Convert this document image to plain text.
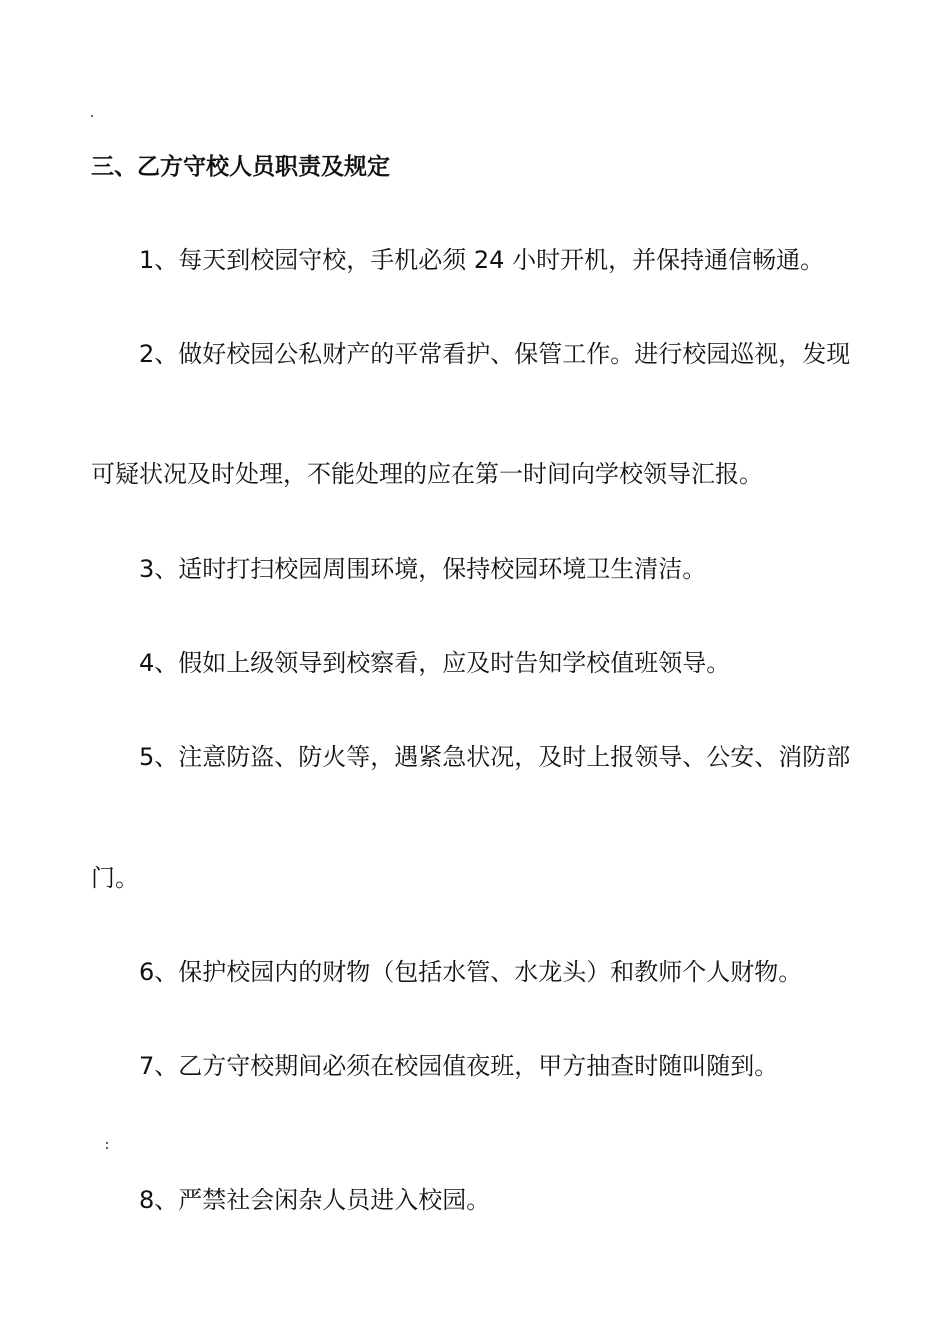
三、乙方守校人员职责及规定

1、每天到校园守校，手机必须 24 小时开机，并保持通信畅通。

2、做好校园公私财产的平常看护、保管工作。进行校园巡视，发现

可疑状况及时处理，不能处理的应在第一时间向学校领导汇报。

3、适时打扫校园周围环境，保持校园环境卫生清洁。

4、假如上级领导到校察看，应及时告知学校值班领导。

5、注意防盗、防火等，遇紧急状况，及时上报领导、公安、消防部

门。

6、保护校园内的财物（包括水管、水龙头）和教师个人财物。

7、乙方守校期间必须在校园值夜班，甲方抽查时随叫随到。

8、严禁社会闲杂人员进入校园。
